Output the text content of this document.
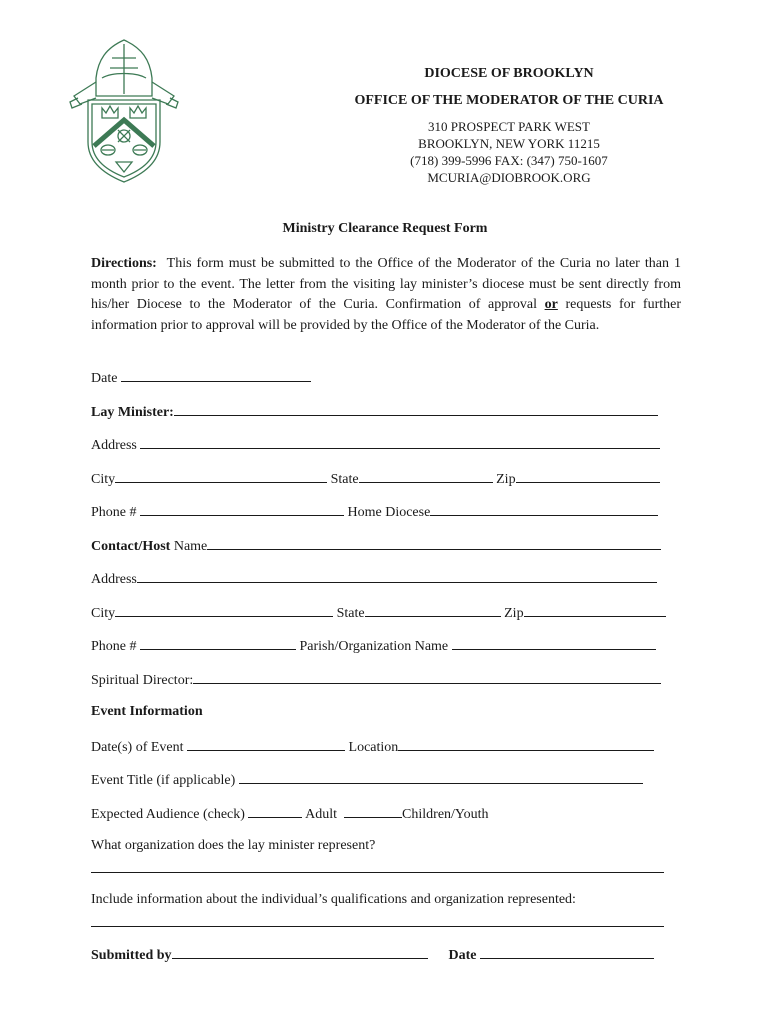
DIOCESE OF BROOKLYN
OFFICE OF THE MODERATOR OF THE CURIA
310 PROSPECT PARK WEST
BROOKLYN, NEW YORK 11215
(718) 399-5996 FAX: (347) 750-1607
MCURIA@DIOBROOK.ORG
Ministry Clearance Request Form
Directions: This form must be submitted to the Office of the Moderator of the Curia no later than 1 month prior to the event. The letter from the visiting lay minister’s diocese must be sent directly from his/her Diocese to the Moderator of the Curia. Confirmation of approval or requests for further information prior to approval will be provided by the Office of the Moderator of the Curia.
Date
Lay Minister:
Address
City	State	Zip
Phone #	Home Diocese
Contact/Host Name
Address
City	State	Zip
Phone #	Parish/Organization Name
Spiritual Director:
Event Information
Date(s) of Event	Location
Event Title (if applicable)
Expected Audience (check)	Adult	Children/Youth
What organization does the lay minister represent?
Include information about the individual’s qualifications and organization represented:
Submitted by	Date
